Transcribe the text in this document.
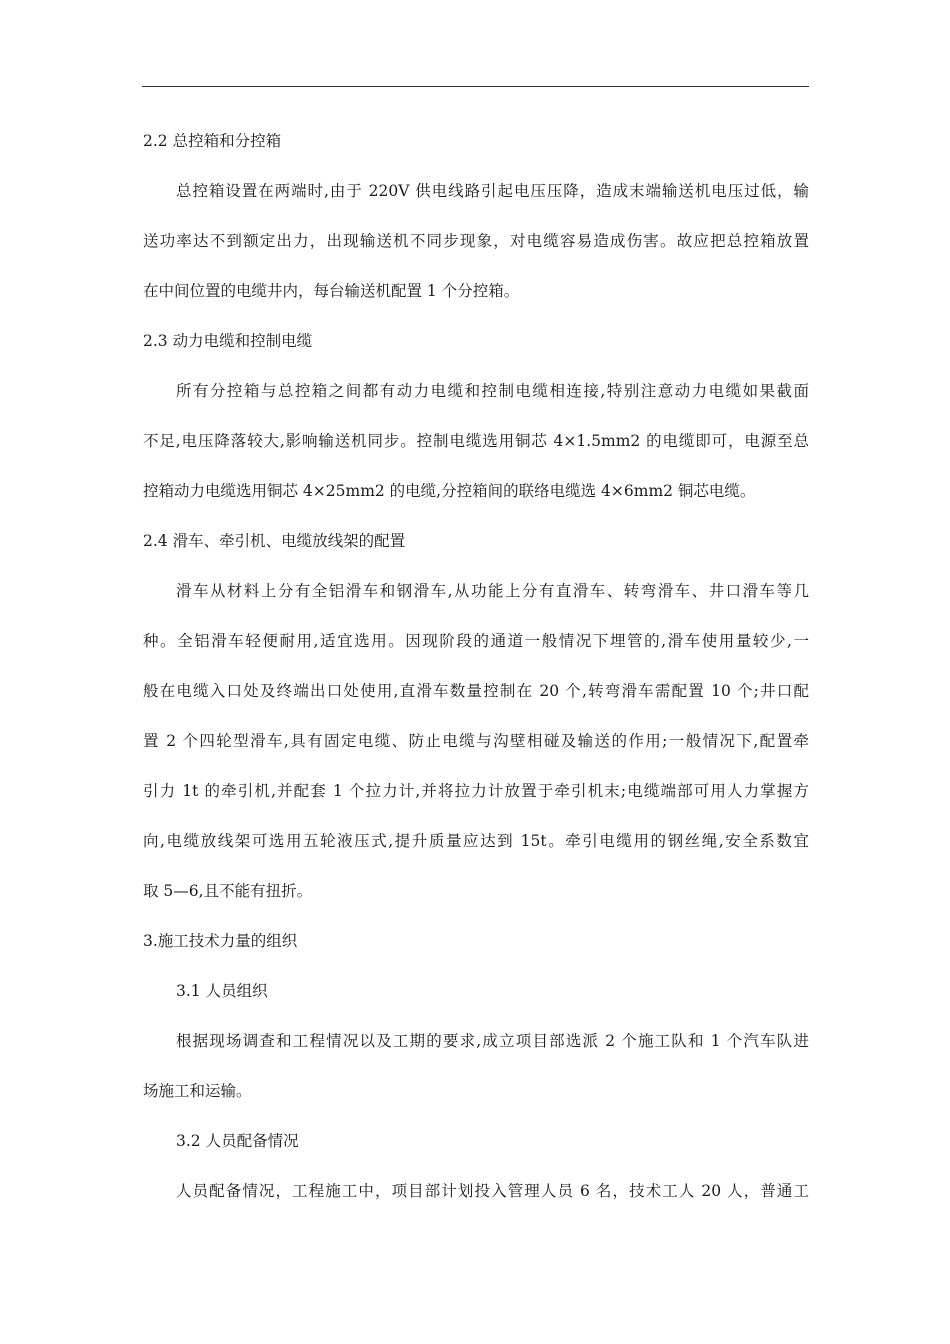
2.2 总控箱和分控箱
总控箱设置在两端时,由于 220V 供电线路引起电压压降，造成末端输送机电压过低，输
送功率达不到额定出力，出现输送机不同步现象，对电缆容易造成伤害。故应把总控箱放置
在中间位置的电缆井内，每台输送机配置 1 个分控箱。
2.3 动力电缆和控制电缆
所有分控箱与总控箱之间都有动力电缆和控制电缆相连接,特别注意动力电缆如果截面
不足,电压降落较大,影响输送机同步。控制电缆选用铜芯 4×1.5mm2 的电缆即可，电源至总
控箱动力电缆选用铜芯 4×25mm2 的电缆,分控箱间的联络电缆选 4×6mm2 铜芯电缆。
2.4 滑车、牵引机、电缆放线架的配置
滑车从材料上分有全铝滑车和钢滑车,从功能上分有直滑车、转弯滑车、井口滑车等几
种。全铝滑车轻便耐用,适宜选用。因现阶段的通道一般情况下埋管的,滑车使用量较少,一
般在电缆入口处及终端出口处使用,直滑车数量控制在 20 个,转弯滑车需配置 10 个;井口配
置 2 个四轮型滑车,具有固定电缆、防止电缆与沟壁相碰及输送的作用;一般情况下,配置牵
引力 1t 的牵引机,并配套 1 个拉力计,并将拉力计放置于牵引机末;电缆端部可用人力掌握方
向,电缆放线架可选用五轮液压式,提升质量应达到 15t。牵引电缆用的钢丝绳,安全系数宜
取 5—6,且不能有扭折。
3.施工技术力量的组织
3.1 人员组织
根据现场调查和工程情况以及工期的要求,成立项目部选派 2 个施工队和 1 个汽车队进
场施工和运输。
3.2 人员配备情况
人员配备情况，工程施工中，项目部计划投入管理人员 6 名，技术工人 20 人，普通工
